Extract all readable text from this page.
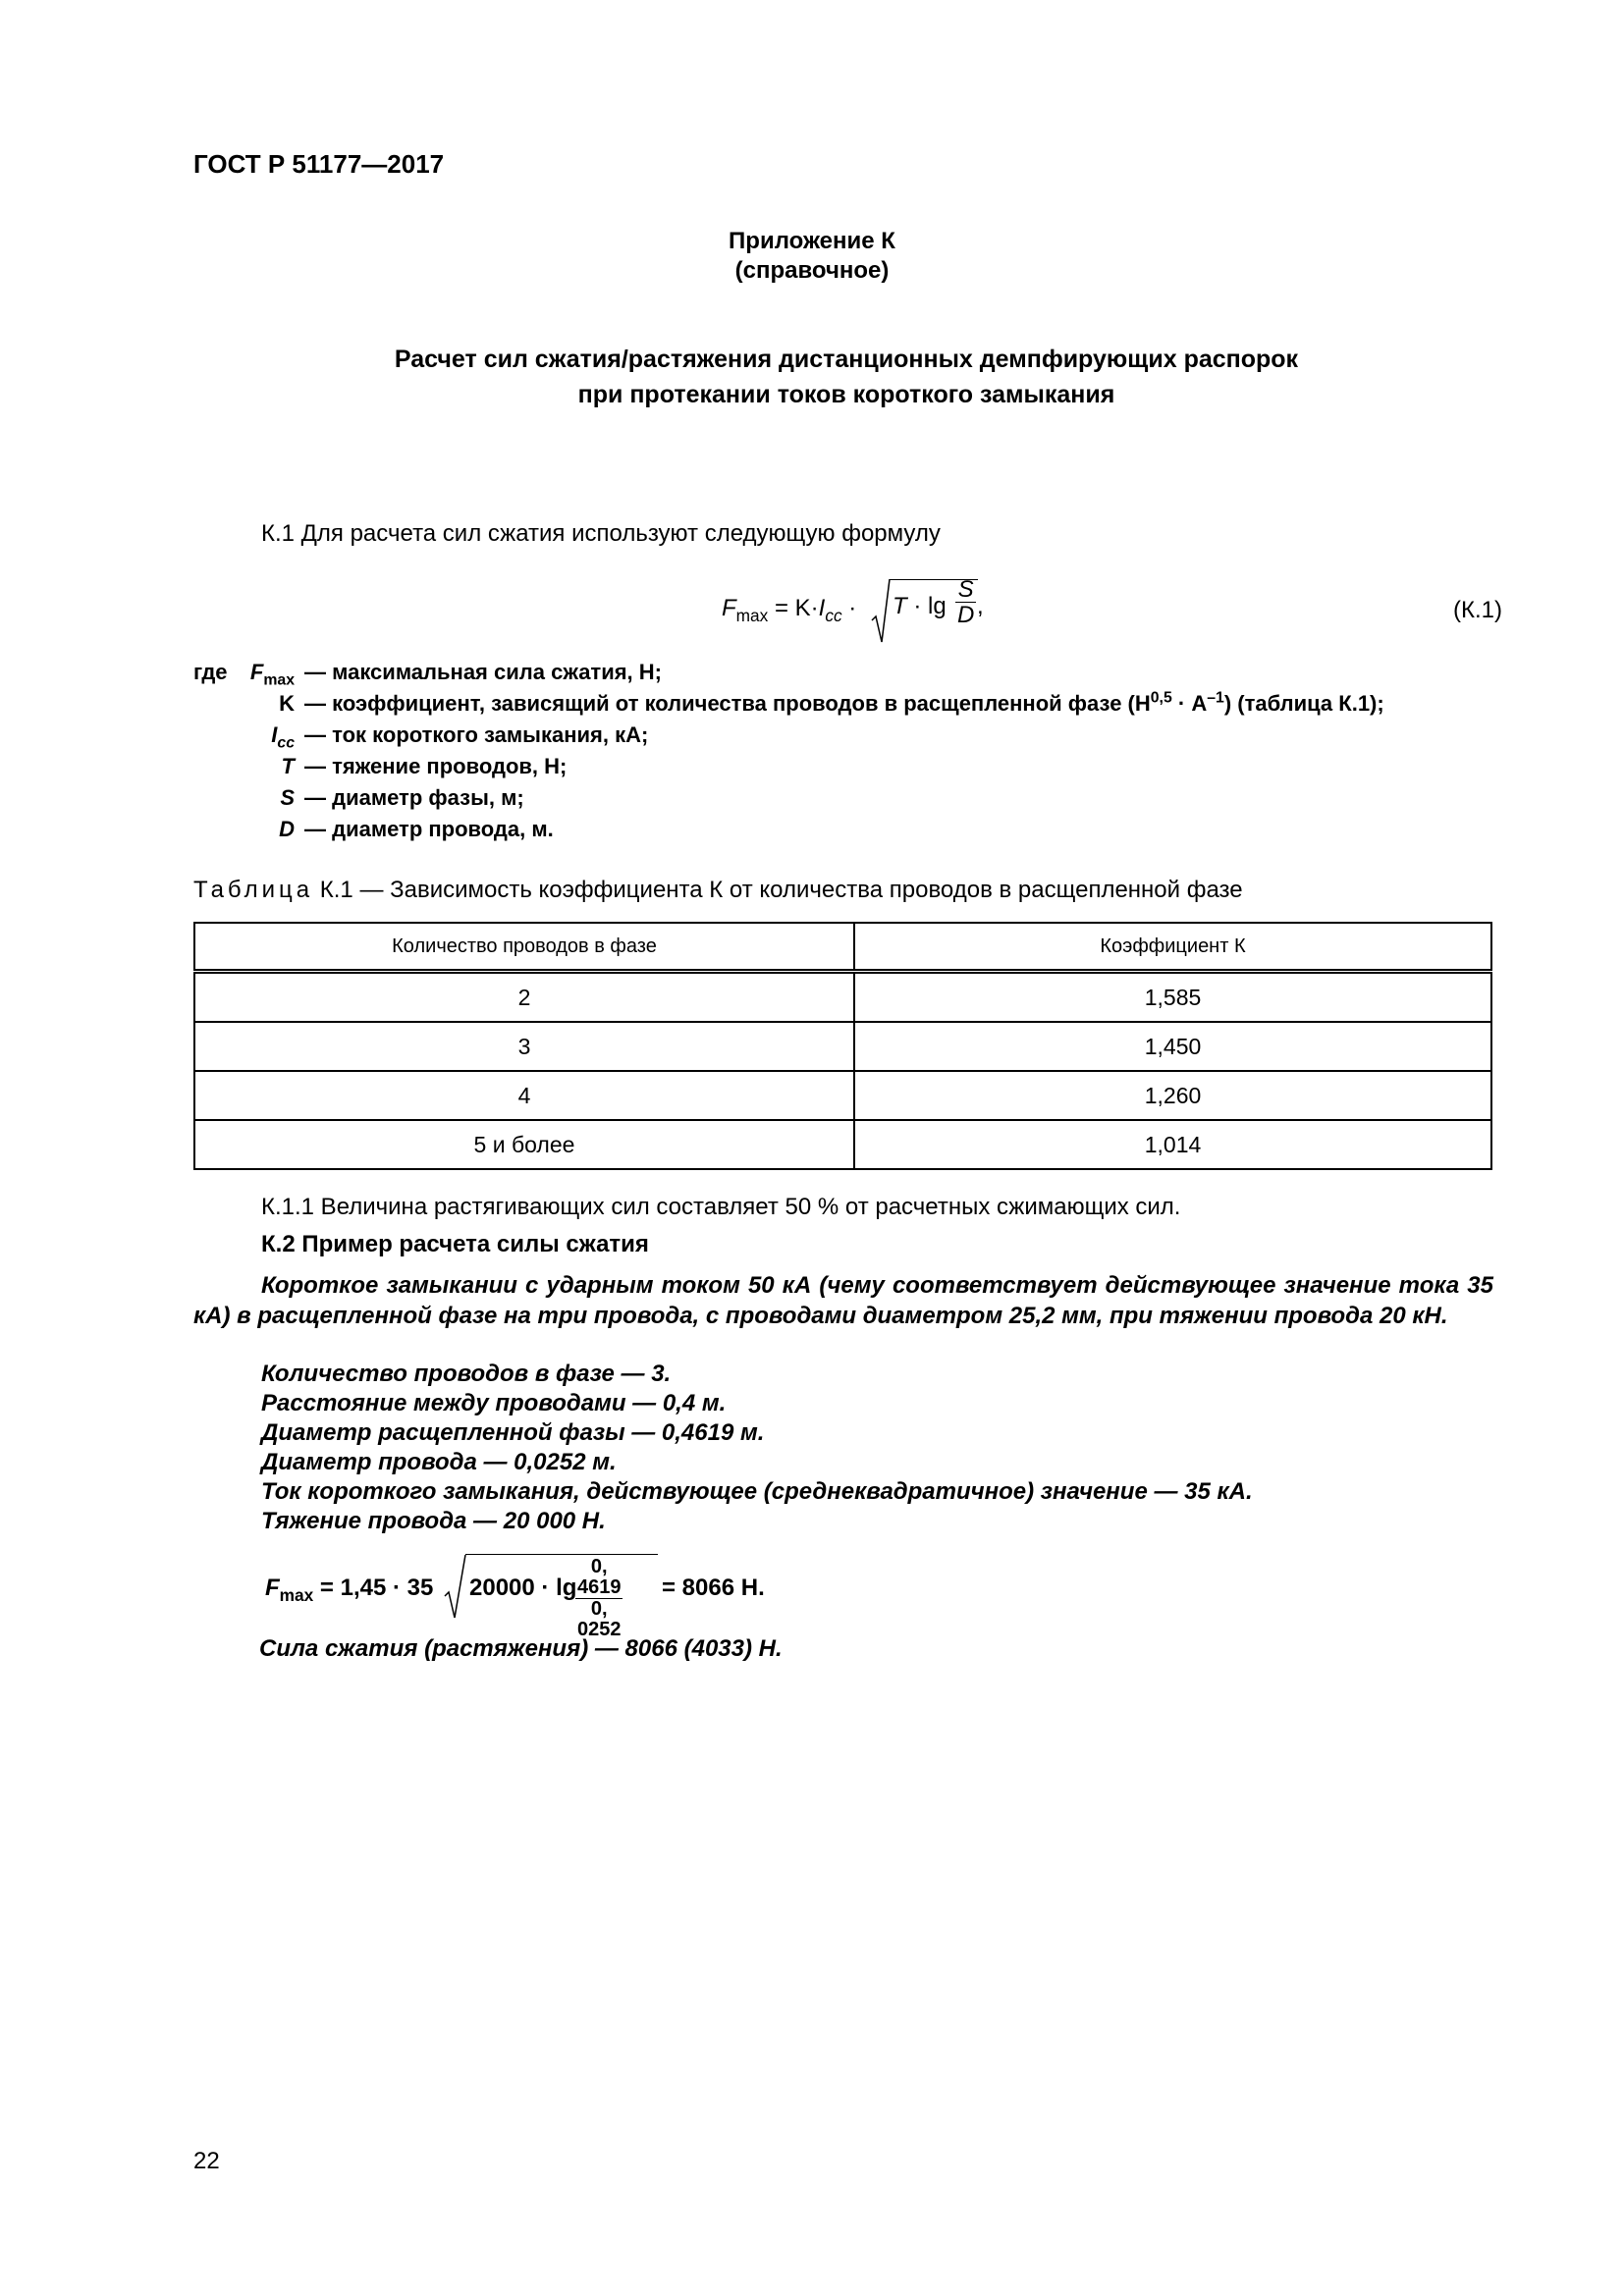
ГОСТ Р 51177—2017
Приложение К
(справочное)
Расчет сил сжатия/растяжения дистанционных демпфирующих распорок
при протекании токов короткого замыкания
К.1 Для расчета сил сжатия используют следующую формулу
$F_{max} = K\cdot I_{cc} \cdot T \cdot \lg \frac{S}{D}$ ,	(К.1)
где $F_{max}$ — максимальная сила сжатия, Н;
K — коэффициент, зависящий от количества проводов в расщепленной фазе $(Н^{0,5} \cdot А^{-1})$ (таблица К.1);
$I_{cc}$ — ток короткого замыкания, кА;
T — тяжение проводов, Н;
S — диаметр фазы, м;
D — диаметр провода, м.
Таблица К.1 — Зависимость коэффициента К от количества проводов в расщепленной фазе
Количество проводов в фазе	Коэффициент К
2	1,585
3	1,450
4	1,260
5 и более	1,014
К.1.1 Величина растягивающих сил составляет 50 % от расчетных сжимающих сил.
К.2 Пример расчета силы сжатия
Короткое замыкании с ударным током 50 кА (чему соответствует действующее значение тока 35 кА) в расщепленной фазе на три провода, с проводами диаметром 25,2 мм, при тяжении провода 20 кН.
Количество проводов в фазе — 3.
Расстояние между проводами — 0,4 м.
Диаметр расщепленной фазы — 0,4619 м.
Диаметр провода — 0,0252 м.
Ток короткого замыкания, действующее (среднеквадратичное) значение — 35 кА.
Тяжение провода — 20 000 Н.
$F_{max} = 1,45 \cdot 35$ 20000 · lg
$\frac{0, 4619}{0, 0252} = 8066$ Н.
Сила сжатия (растяжения) — 8066 (4033) Н.
22
